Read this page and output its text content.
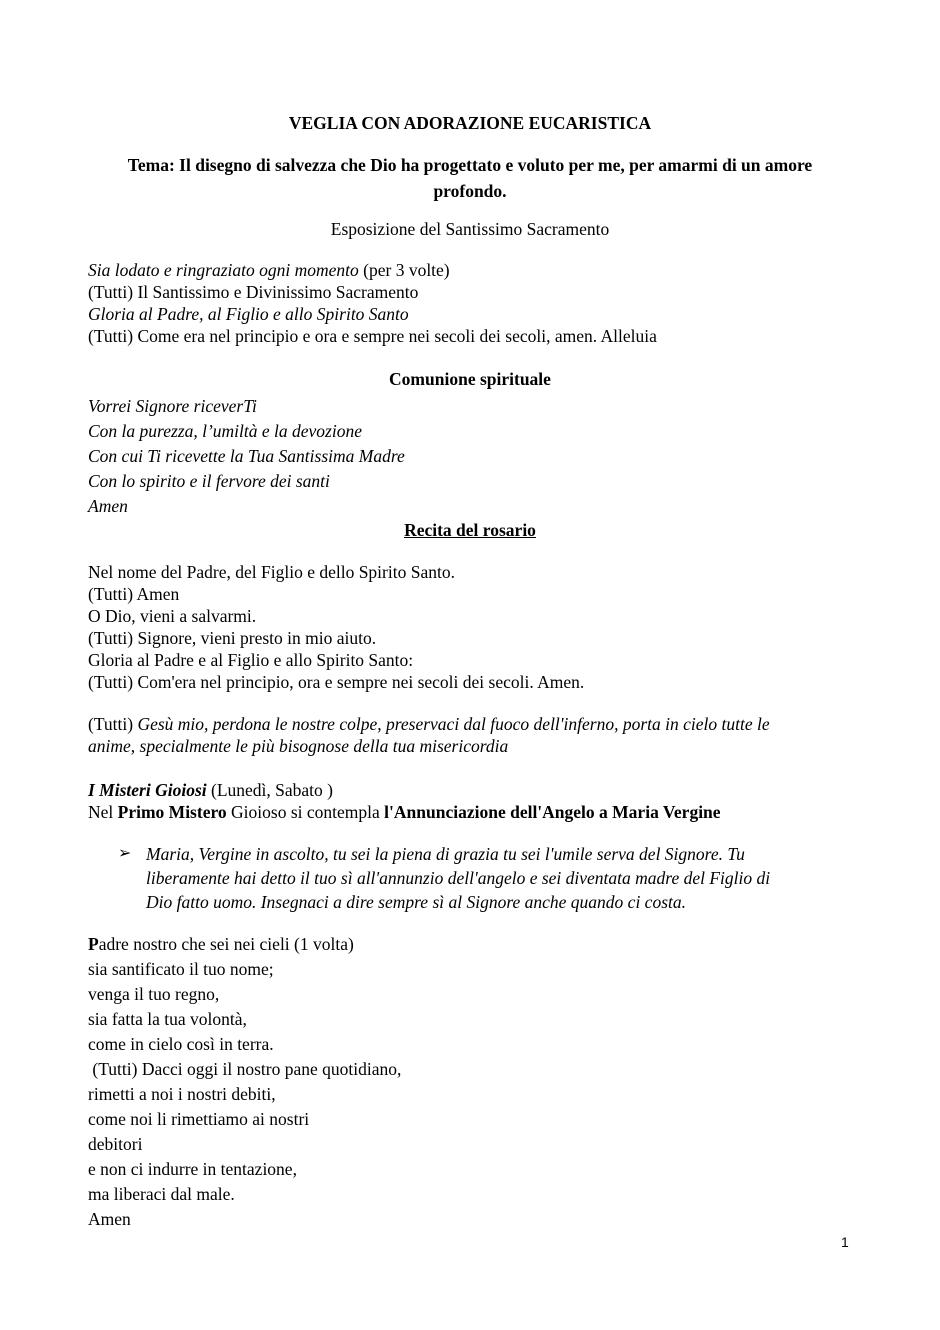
VEGLIA CON ADORAZIONE EUCARISTICA
Tema: Il disegno di salvezza che Dio ha progettato e voluto per me, per amarmi di un amore profondo.
Esposizione del Santissimo Sacramento
Sia lodato e ringraziato ogni momento (per 3 volte)
(Tutti) Il Santissimo e Divinissimo Sacramento
Gloria al Padre, al Figlio e allo Spirito Santo
(Tutti) Come era nel principio e ora e sempre nei secoli dei secoli, amen. Alleluia
Comunione spirituale
Vorrei Signore riceverTi
Con la purezza, l’umiltà e la devozione
Con cui Ti ricevette la Tua Santissima Madre
Con lo spirito e il fervore dei santi
Amen
Recita del rosario
Nel nome del Padre, del Figlio e dello Spirito Santo.
(Tutti) Amen
O Dio, vieni a salvarmi.
(Tutti) Signore, vieni presto in mio aiuto.
Gloria al Padre e al Figlio e allo Spirito Santo:
(Tutti) Com'era nel principio, ora e sempre nei secoli dei secoli. Amen.
(Tutti) Gesù mio, perdona le nostre colpe, preservaci dal fuoco dell'inferno, porta in cielo tutte le
anime, specialmente le più bisognose della tua misericordia
I Misteri Gioiosi (Lunedì, Sabato )
Nel Primo Mistero Gioioso si contempla l'Annunciazione dell'Angelo a Maria Vergine
➢ Maria, Vergine in ascolto, tu sei la piena di grazia tu sei l'umile serva del Signore. Tu
liberamente hai detto il tuo sì all'annunzio dell'angelo e sei diventata madre del Figlio di
Dio fatto uomo. Insegnaci a dire sempre sì al Signore anche quando ci costa.
Padre nostro che sei nei cieli (1 volta)
sia santificato il tuo nome;
venga il tuo regno,
sia fatta la tua volontà,
come in cielo così in terra.
(Tutti) Dacci oggi il nostro pane quotidiano,
rimetti a noi i nostri debiti,
come noi li rimettiamo ai nostri
debitori
e non ci indurre in tentazione,
ma liberaci dal male.
Amen
1
